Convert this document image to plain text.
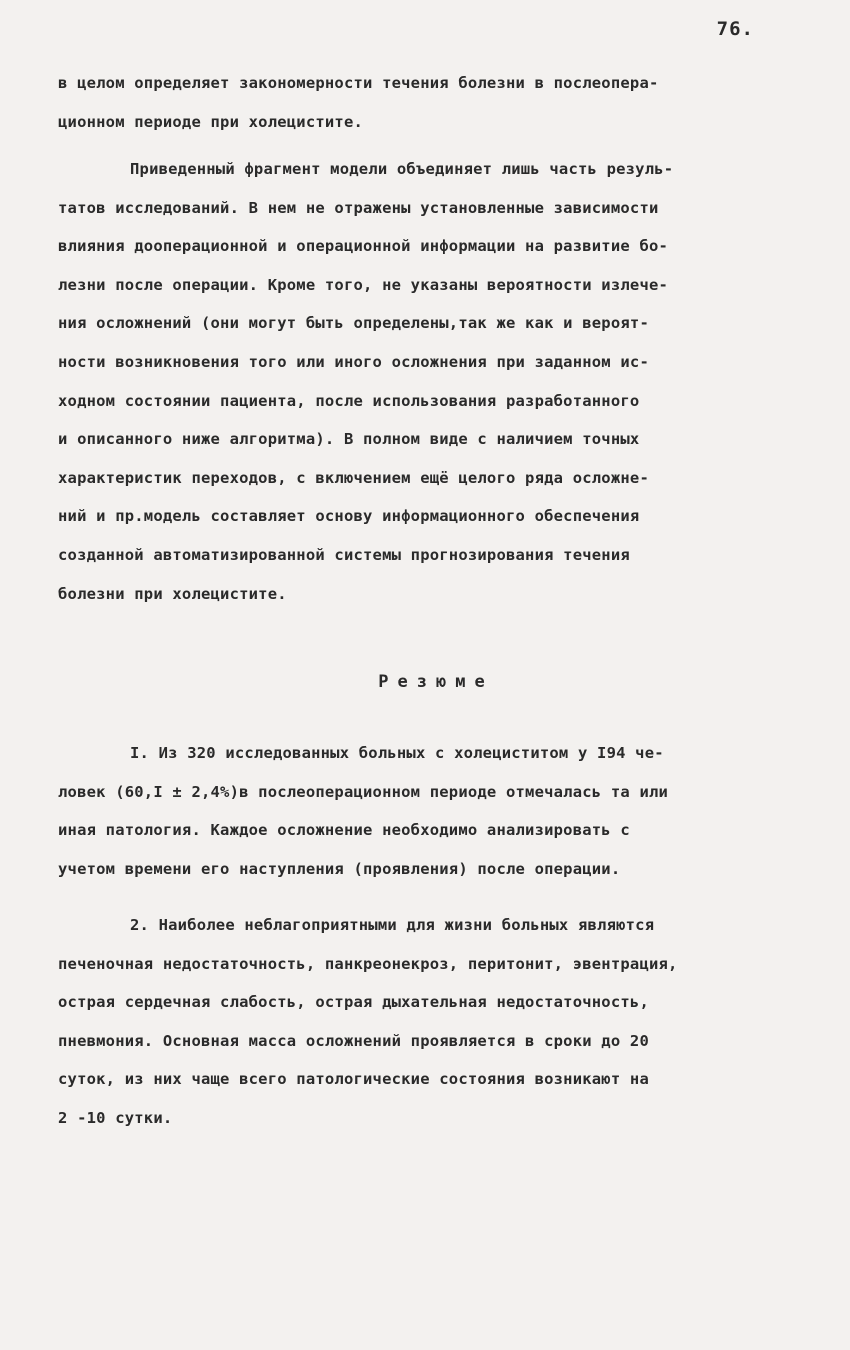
76.
в целом определяет закономерности течения болезни в послеопера-
ционном периоде при холецистите.
Приведенный фрагмент модели объединяет лишь часть резуль-
татов исследований. В нем не отражены установленные зависимости
влияния дооперационной и операционной информации на развитие бо-
лезни после операции. Кроме того, не указаны вероятности излече-
ния осложнений (они могут быть определены,так же как и вероят-
ности возникновения того или иного осложнения при заданном ис-
ходном состоянии пациента, после использования разработанного
и описанного ниже алгоритма). В полном виде с наличием точных
характеристик переходов, с включением ещё целого ряда осложне-
ний и пр.модель составляет основу информационного обеспечения
созданной автоматизированной системы прогнозирования течения
болезни при холецистите.
Резюме
I. Из 320 исследованных больных с холециститом у I94 че-
ловек (60,I ± 2,4%)в послеоперационном периоде отмечалась та или
иная патология. Каждое осложнение необходимо анализировать с
учетом времени его наступления (проявления) после операции.
2. Наиболее неблагоприятными для жизни больных являются
печеночная недостаточность, панкреонекроз, перитонит, эвентрация,
острая сердечная слабость, острая дыхательная недостаточность,
пневмония. Основная масса осложнений проявляется в сроки до 20
суток, из них чаще всего патологические состояния возникают на
2 -10 сутки.
